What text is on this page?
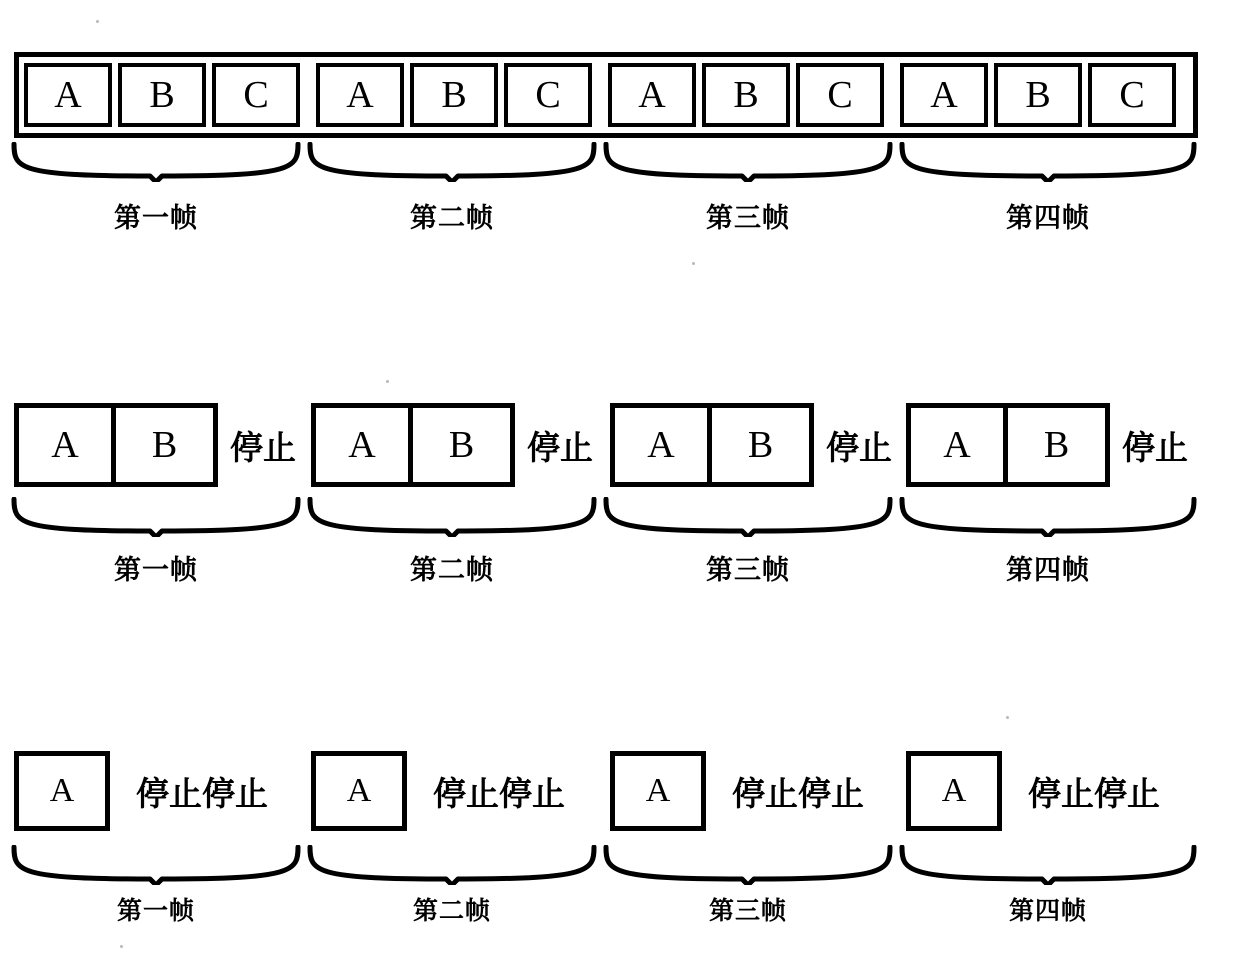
A	B	C	A	B	C	A	B	C	A	B	C
第一帧	第二帧	第三帧	第四帧
A	B	停止	A	B	停止	A	B	停止	A	B	停止
第一帧	第二帧	第三帧	第四帧
A	停止停止	A	停止停止	A	停止停止	A	停止停止
第一帧	第二帧	第三帧	第四帧
